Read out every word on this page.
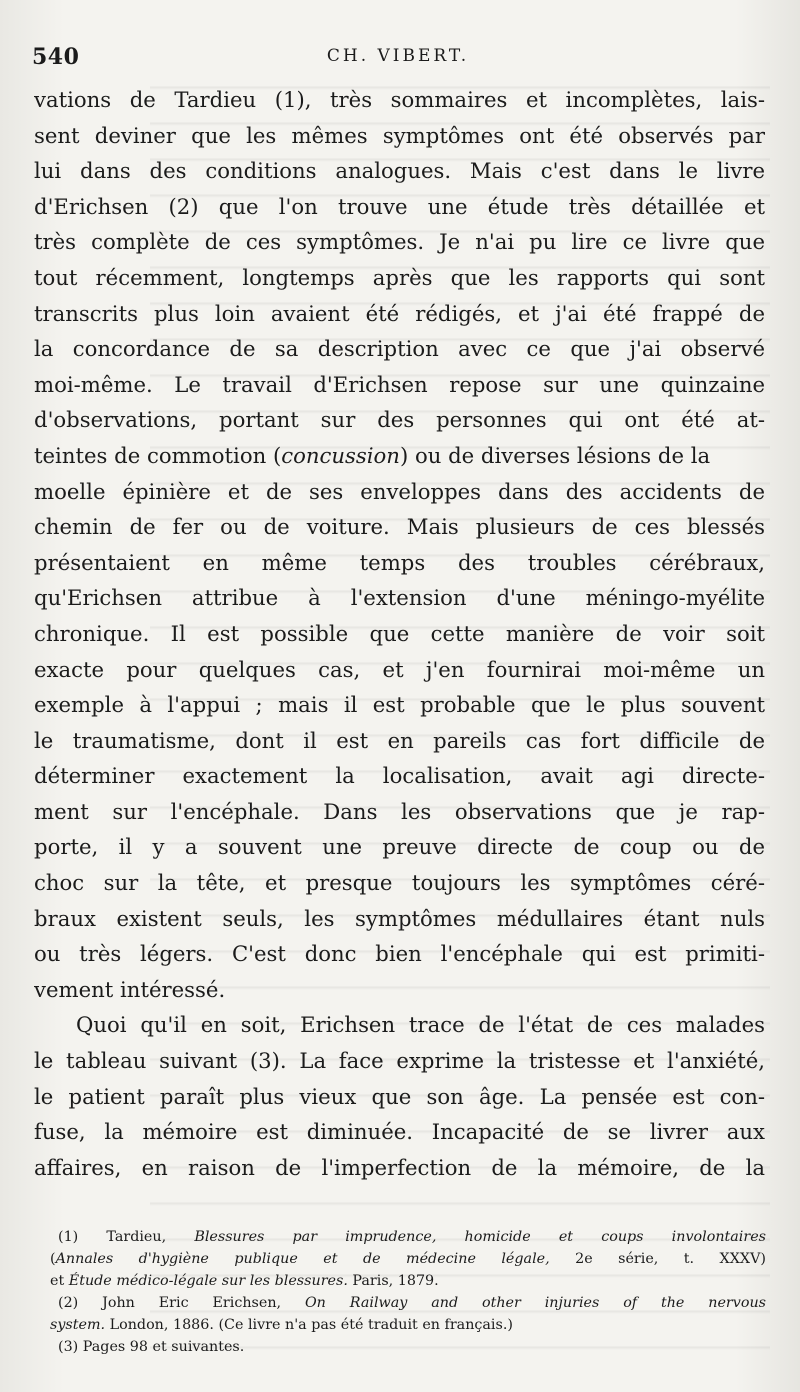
540	CH. VIBERT.
vations de Tardieu (1), très sommaires et incomplètes, lais-
sent deviner que les mêmes symptômes ont été observés par
lui dans des conditions analogues. Mais c'est dans le livre
d'Erichsen (2) que l'on trouve une étude très détaillée et
très complète de ces symptômes. Je n'ai pu lire ce livre que
tout récemment, longtemps après que les rapports qui sont
transcrits plus loin avaient été rédigés, et j'ai été frappé de
la concordance de sa description avec ce que j'ai observé
moi-même. Le travail d'Erichsen repose sur une quinzaine
d'observations, portant sur des personnes qui ont été at-
teintes de commotion (concussion) ou de diverses lésions de la
moelle épinière et de ses enveloppes dans des accidents de
chemin de fer ou de voiture. Mais plusieurs de ces blessés
présentaient en même temps des troubles cérébraux,
qu'Erichsen attribue à l'extension d'une méningo-myélite
chronique. Il est possible que cette manière de voir soit
exacte pour quelques cas, et j'en fournirai moi-même un
exemple à l'appui ; mais il est probable que le plus souvent
le traumatisme, dont il est en pareils cas fort difficile de
déterminer exactement la localisation, avait agi directe-
ment sur l'encéphale. Dans les observations que je rap-
porte, il y a souvent une preuve directe de coup ou de
choc sur la tête, et presque toujours les symptômes céré-
braux existent seuls, les symptômes médullaires étant nuls
ou très légers. C'est donc bien l'encéphale qui est primiti-
vement intéressé.
Quoi qu'il en soit, Erichsen trace de l'état de ces malades
le tableau suivant (3). La face exprime la tristesse et l'anxiété,
le patient paraît plus vieux que son âge. La pensée est con-
fuse, la mémoire est diminuée. Incapacité de se livrer aux
affaires, en raison de l'imperfection de la mémoire, de la
(1) Tardieu, Blessures par imprudence, homicide et coups involontaires
(Annales d'hygiène publique et de médecine légale, 2e série, t. XXXV)
et Étude médico-légale sur les blessures. Paris, 1879.
(2) John Eric Erichsen, On Railway and other injuries of the nervous
system. London, 1886. (Ce livre n'a pas été traduit en français.)
(3) Pages 98 et suivantes.
